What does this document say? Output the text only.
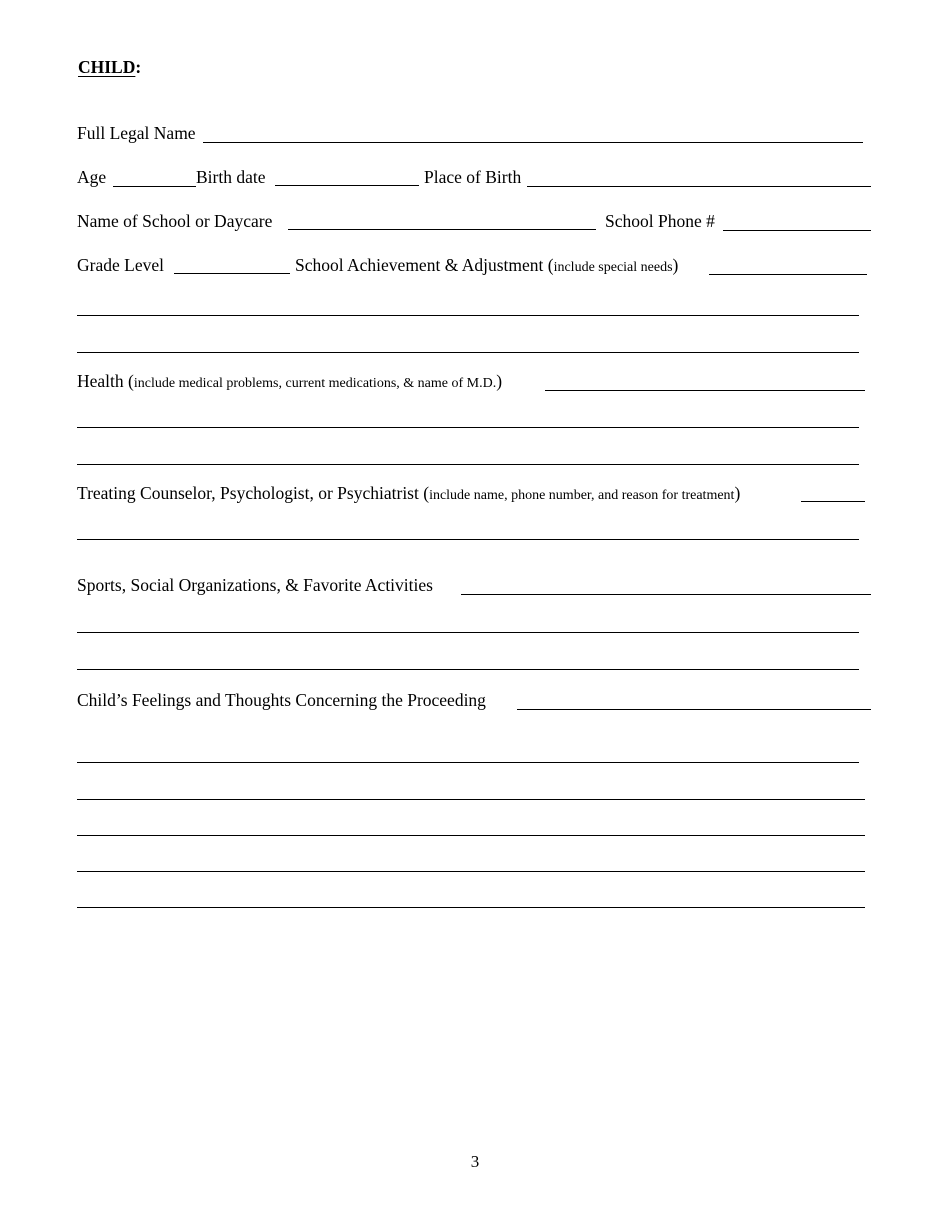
CHILD:
Full Legal Name
Age	Birth date	Place of Birth
Name of School or Daycare	School Phone #
Grade Level	School Achievement & Adjustment (include special needs)
Health (include medical problems, current medications, & name of M.D.)
Treating Counselor, Psychologist, or Psychiatrist (include name, phone number, and reason for treatment)
Sports, Social Organizations, & Favorite Activities
Child’s Feelings and Thoughts Concerning the Proceeding
3
